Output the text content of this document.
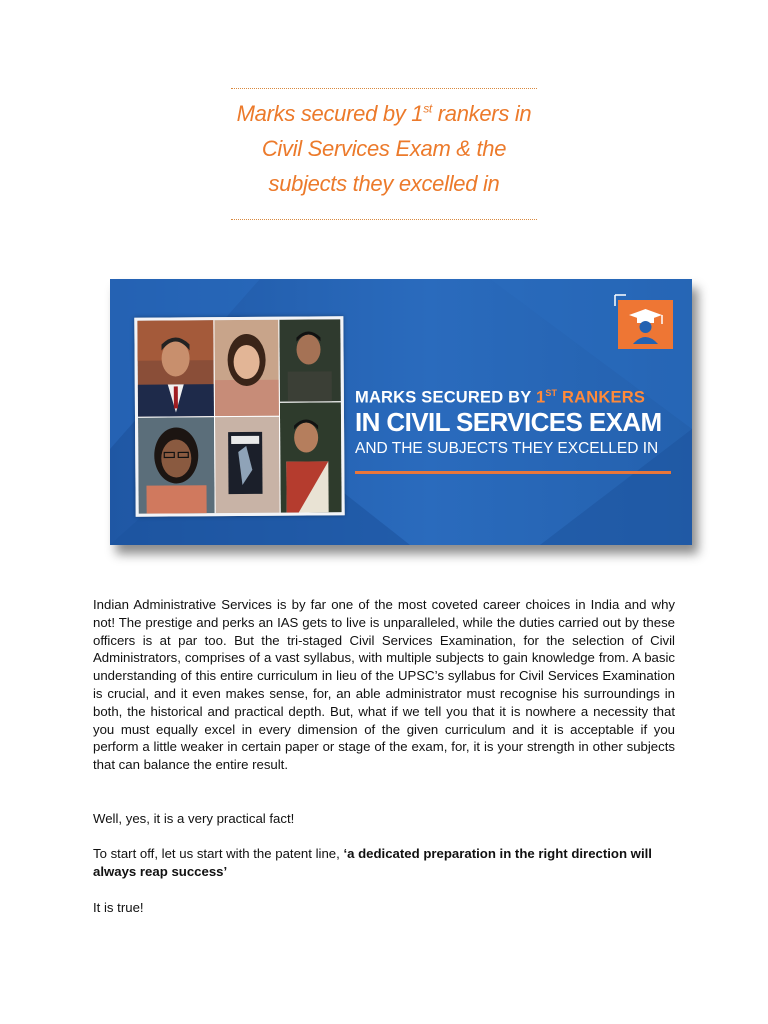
Marks secured by 1st rankers in
Civil Services Exam & the
subjects they excelled in
MARKS SECURED BY 1ST RANKERS
IN CIVIL SERVICES EXAM
AND THE SUBJECTS THEY EXCELLED IN

Indian Administrative Services is by far one of the most coveted career choices in India and why not! The prestige and perks an IAS gets to live is unparalleled, while the duties carried out by these officers is at par too. But the tri-staged Civil Services Examination, for the selection of Civil Administrators, comprises of a vast syllabus, with multiple subjects to gain knowledge from. A basic understanding of this entire curriculum in lieu of the UPSC’s syllabus for Civil Services Examination is crucial, and it even makes sense, for, an able administrator must recognise his surroundings in both, the historical and practical depth. But, what if we tell you that it is nowhere a necessity that you must equally excel in every dimension of the given curriculum and it is acceptable if you perform a little weaker in certain paper or stage of the exam, for, it is your strength in other subjects that can balance the entire result.

Well, yes, it is a very practical fact!

To start off, let us start with the patent line, ‘a dedicated preparation in the right direction will always reap success’

It is true!
